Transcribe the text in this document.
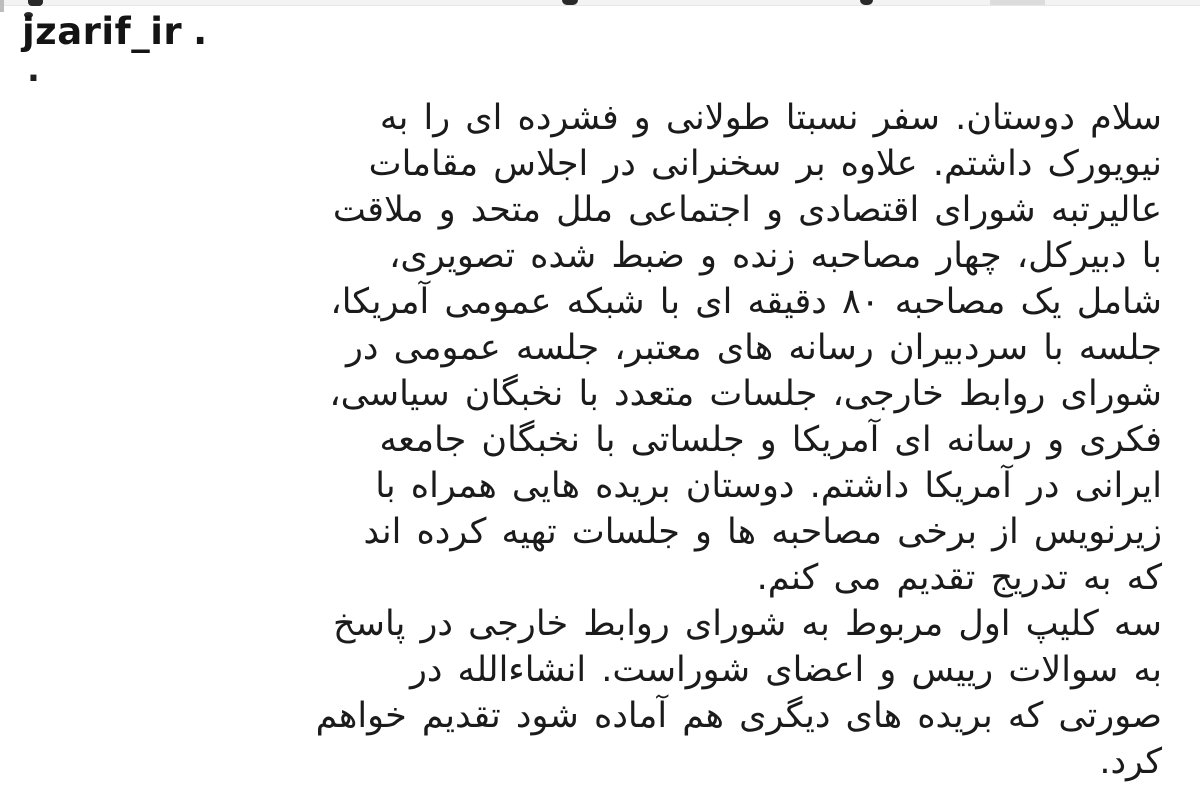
jzarif_ir .
.
سلام دوستان. سفر نسبتا طولانی و فشرده ای را به
نیویورک داشتم. علاوه بر سخنرانی در اجلاس مقامات
عالیرتبه شورای اقتصادی و اجتماعی ملل متحد و ملاقت
با دبیرکل، چهار مصاحبه زنده و ضبط شده تصویری،
شامل یک مصاحبه ۸۰ دقیقه ای با شبکه عمومی آمریکا،
جلسه با سردبیران رسانه های معتبر، جلسه عمومی در
شورای روابط خارجی، جلسات متعدد با نخبگان سیاسی،
فکری و رسانه ای آمریکا و جلساتی با نخبگان جامعه
ایرانی در آمریکا داشتم. دوستان بریده هایی همراه با
زیرنویس از برخی مصاحبه ها و جلسات تهیه کرده اند
که به تدریج تقدیم می کنم.
سه کلیپ اول مربوط به شورای روابط خارجی در پاسخ
به سوالات رییس و اعضای شوراست. انشاءالله در
صورتی که بریده های دیگری هم آماده شود تقدیم خواهم
کرد.
